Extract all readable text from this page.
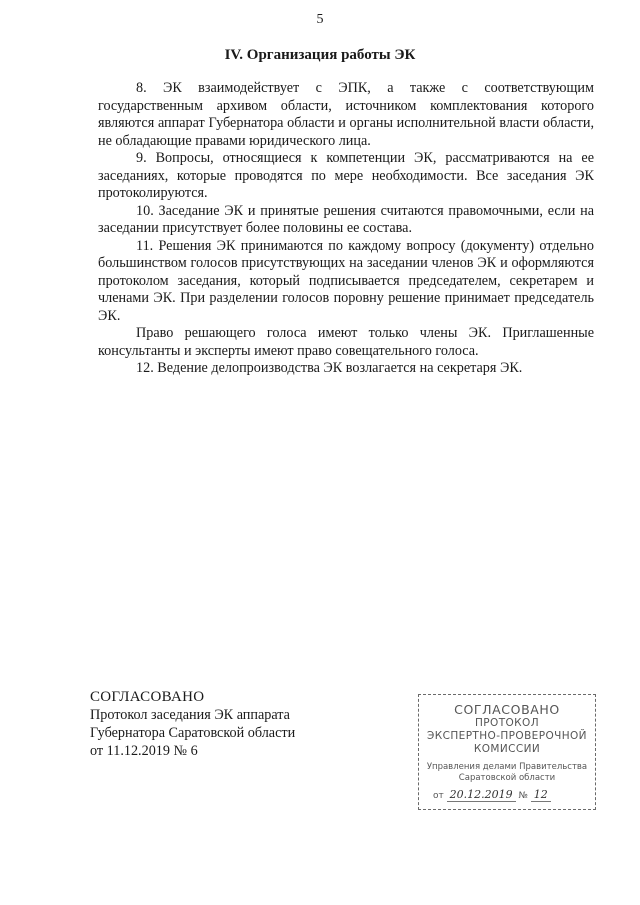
5
IV. Организация работы ЭК

8. ЭК взаимодействует с ЭПК, а также с соответствующим государственным архивом области, источником комплектования которого являются аппарат Губернатора области и органы исполнительной власти области, не обладающие правами юридического лица.

9. Вопросы, относящиеся к компетенции ЭК, рассматриваются на ее заседаниях, которые проводятся по мере необходимости. Все заседания ЭК протоколируются.

10. Заседание ЭК и принятые решения считаются правомочными, если на заседании присутствует более половины ее состава.

11. Решения ЭК принимаются по каждому вопросу (документу) отдельно большинством голосов присутствующих на заседании членов ЭК и оформляются протоколом заседания, который подписывается председателем, секретарем и членами ЭК. При разделении голосов поровну решение принимает председатель ЭК.

Право решающего голоса имеют только члены ЭК. Приглашенные консультанты и эксперты имеют право совещательного голоса.

12. Ведение делопроизводства ЭК возлагается на секретаря ЭК.

СОГЛАСОВАНО
Протокол заседания ЭК аппарата
Губернатора Саратовской области
от 11.12.2019 № 6
СОГЛАСОВАНО
ПРОТОКОЛ
ЭКСПЕРТНО-ПРОВЕРОЧНОЙ
КОМИССИИ
Управления делами Правительства
Саратовской области
от 20.12.2019 № 12
